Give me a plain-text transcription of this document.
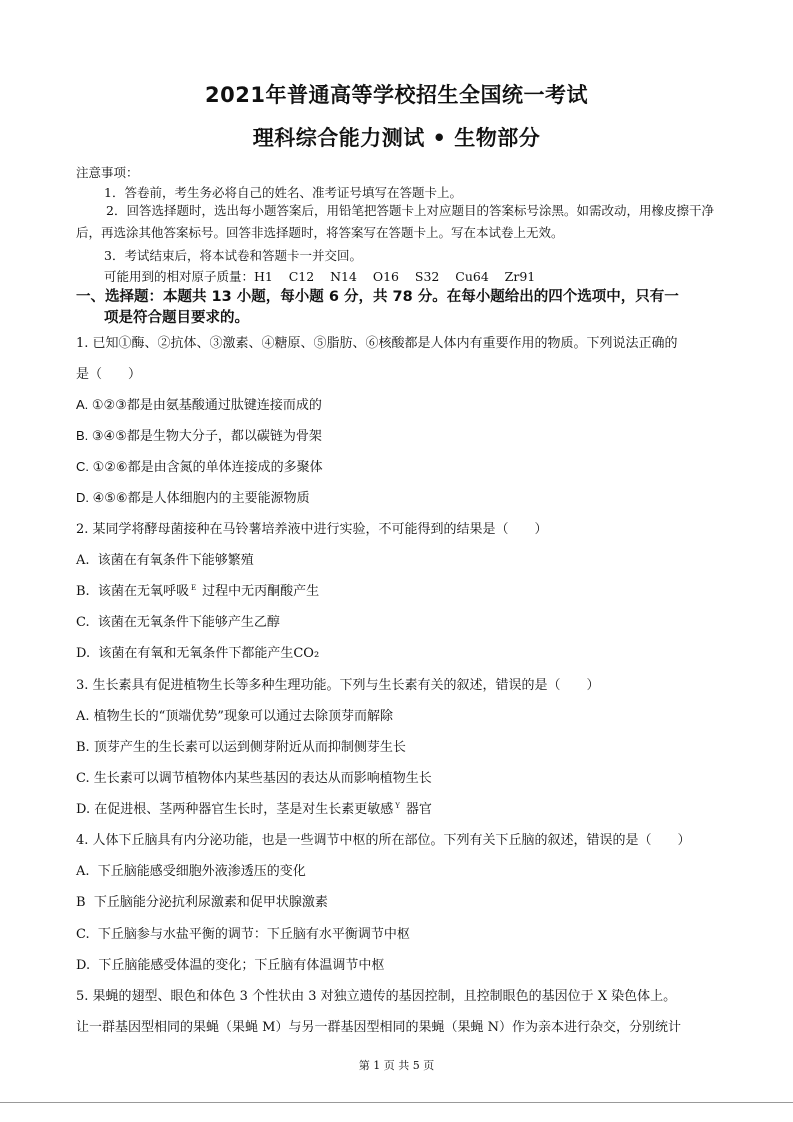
2021年普通高等学校招生全国统一考试
理科综合能力测试 • 生物部分
注意事项：
1．答卷前，考生务必将自己的姓名、准考证号填写在答题卡上。
2．回答选择题时，选出每小题答案后，用铅笔把答题卡上对应题目的答案标号涂黑。如需改动，用橡皮擦干净后，再选涂其他答案标号。回答非选择题时，将答案写在答题卡上。写在本试卷上无效。
3．考试结束后，将本试卷和答题卡一并交回。
可能用到的相对原子质量：H1    C12    N14    O16    S32    Cu64    Zr91
一、选择题：本题共 13 小题，每小题 6 分，共 78 分。在每小题给出的四个选项中，只有一
项是符合题目要求的。
1. 已知①酶、②抗体、③激素、④糖原、⑤脂肪、⑥核酸都是人体内有重要作用的物质。下列说法正确的
是（　　）
A. ①②③都是由氨基酸通过肽键连接而成的
B. ③④⑤都是生物大分子，都以碳链为骨架
C. ①②⑥都是由含氮的单体连接成的多聚体
D. ④⑤⑥都是人体细胞内的主要能源物质
2. 某同学将酵母菌接种在马铃薯培养液中进行实验，不可能得到的结果是（　　）
A.  该菌在有氧条件下能够繁殖
B.  该菌在无氧呼吸 $^E$ 过程中无丙酮酸产生
C.  该菌在无氧条件下能够产生乙醇
D.  该菌在有氧和无氧条件下都能产生CO₂
3. 生长素具有促进植物生长等多种生理功能。下列与生长素有关的叙述，错误的是（　　）
A. 植物生长的“顶端优势”现象可以通过去除顶芽而解除
B. 顶芽产生的生长素可以运到侧芽附近从而抑制侧芽生长
C. 生长素可以调节植物体内某些基因的表达从而影响植物生长
D. 在促进根、茎两种器官生长时，茎是对生长素更敏感 $^Y$ 器官
4. 人体下丘脑具有内分泌功能，也是一些调节中枢的所在部位。下列有关下丘脑的叙述，错误的是（　　）
A.  下丘脑能感受细胞外液渗透压的变化
B  下丘脑能分泌抗利尿激素和促甲状腺激素
C.  下丘脑参与水盐平衡的调节：下丘脑有水平衡调节中枢
D.  下丘脑能感受体温的变化；下丘脑有体温调节中枢
5. 果蝇的翅型、眼色和体色 3 个性状由 3 对独立遗传的基因控制，且控制眼色的基因位于 X 染色体上。
让一群基因型相同的果蝇（果蝇 M）与另一群基因型相同的果蝇（果蝇 N）作为亲本进行杂交，分别统计
第 1 页 共 5 页
